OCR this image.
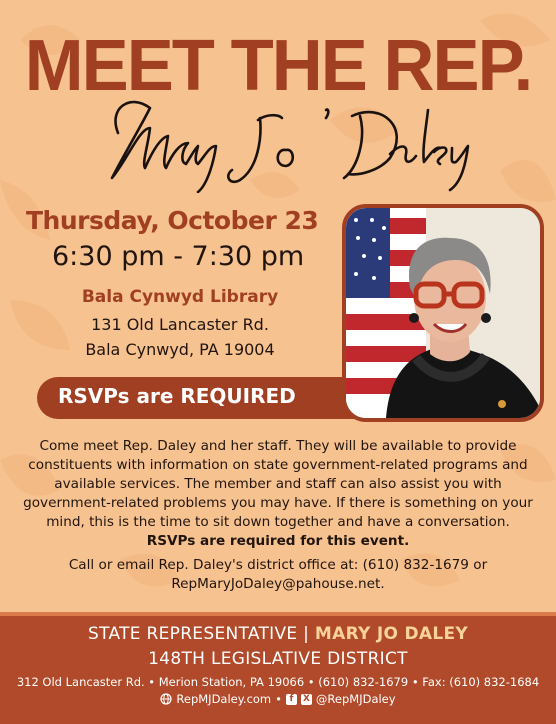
MEET THE REP.
Thursday, October 23
6:30 pm - 7:30 pm
Bala Cynwyd Library
131 Old Lancaster Rd.
Bala Cynwyd, PA 19004
RSVPs are REQUIRED
Come meet Rep. Daley and her staff. They will be available to provide constituents with information on state government-related programs and available services. The member and staff can also assist you with government-related problems you may have. If there is something on your mind, this is the time to sit down together and have a conversation.
RSVPs are required for this event.
Call or email Rep. Daley's district office at: (610) 832-1679 or
RepMaryJoDaley@pahouse.net.
STATE REPRESENTATIVE | MARY JO DALEY
148TH LEGISLATIVE DISTRICT
312 Old Lancaster Rd. • Merion Station, PA 19066 • (610) 832-1679 • Fax: (610) 832-1684
RepMJDaley.com • f	X @RepMJDaley
